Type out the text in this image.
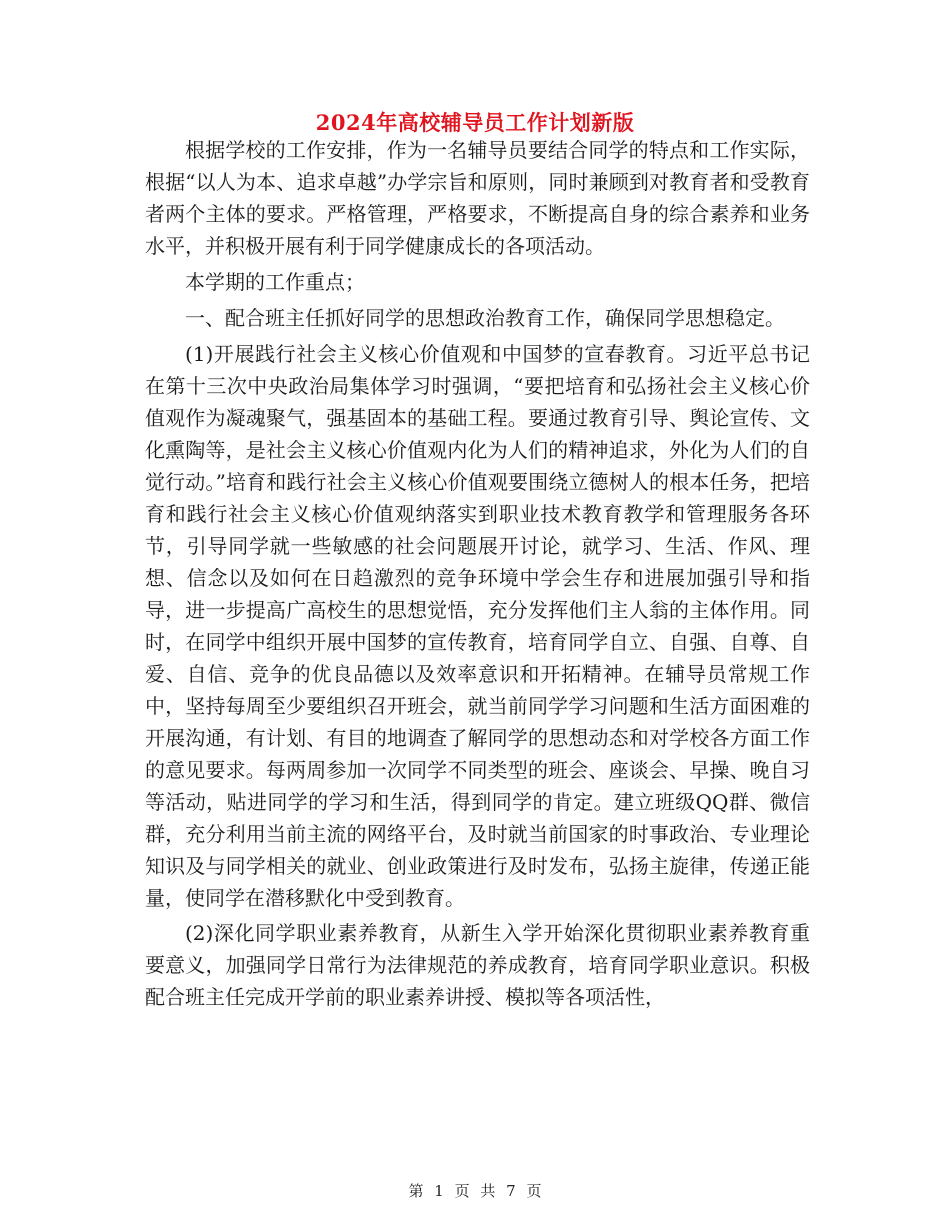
2024年高校辅导员工作计划新版

根据学校的工作安排，作为一名辅导员要结合同学的特点和工作实际，根据“以人为本、追求卓越”办学宗旨和原则，同时兼顾到对教育者和受教育者两个主体的要求。严格管理，严格要求，不断提高自身的综合素养和业务水平，并积极开展有利于同学健康成长的各项活动。

本学期的工作重点；

一、配合班主任抓好同学的思想政治教育工作，确保同学思想稳定。

(1)开展践行社会主义核心价值观和中国梦的宣春教育。习近平总书记在第十三次中央政治局集体学习时强调，“要把培育和弘扬社会主义核心价值观作为凝魂聚气，强基固本的基础工程。要通过教育引导、舆论宣传、文化熏陶等，是社会主义核心价值观内化为人们的精神追求，外化为人们的自觉行动。”培育和践行社会主义核心价值观要围绕立德树人的根本任务，把培育和践行社会主义核心价值观纳落实到职业技术教育教学和管理服务各环节，引导同学就一些敏感的社会问题展开讨论，就学习、生活、作风、理想、信念以及如何在日趋激烈的竞争环境中学会生存和进展加强引导和指导，进一步提高广高校生的思想觉悟，充分发挥他们主人翁的主体作用。同时，在同学中组织开展中国梦的宣传教育，培育同学自立、自强、自尊、自爱、自信、竞争的优良品德以及效率意识和开拓精神。在辅导员常规工作中，坚持每周至少要组织召开班会，就当前同学学习问题和生活方面困难的开展沟通，有计划、有目的地调查了解同学的思想动态和对学校各方面工作的意见要求。每两周参加一次同学不同类型的班会、座谈会、早操、晚自习等活动，贴进同学的学习和生活，得到同学的肯定。建立班级QQ群、微信群，充分利用当前主流的网络平台，及时就当前国家的时事政治、专业理论知识及与同学相关的就业、创业政策进行及时发布，弘扬主旋律，传递正能量，使同学在潜移默化中受到教育。

(2)深化同学职业素养教育，从新生入学开始深化贯彻职业素养教育重要意义，加强同学日常行为法律规范的养成教育，培育同学职业意识。积极配合班主任完成开学前的职业素养讲授、模拟等各项活性，

第 1 页 共 7 页
